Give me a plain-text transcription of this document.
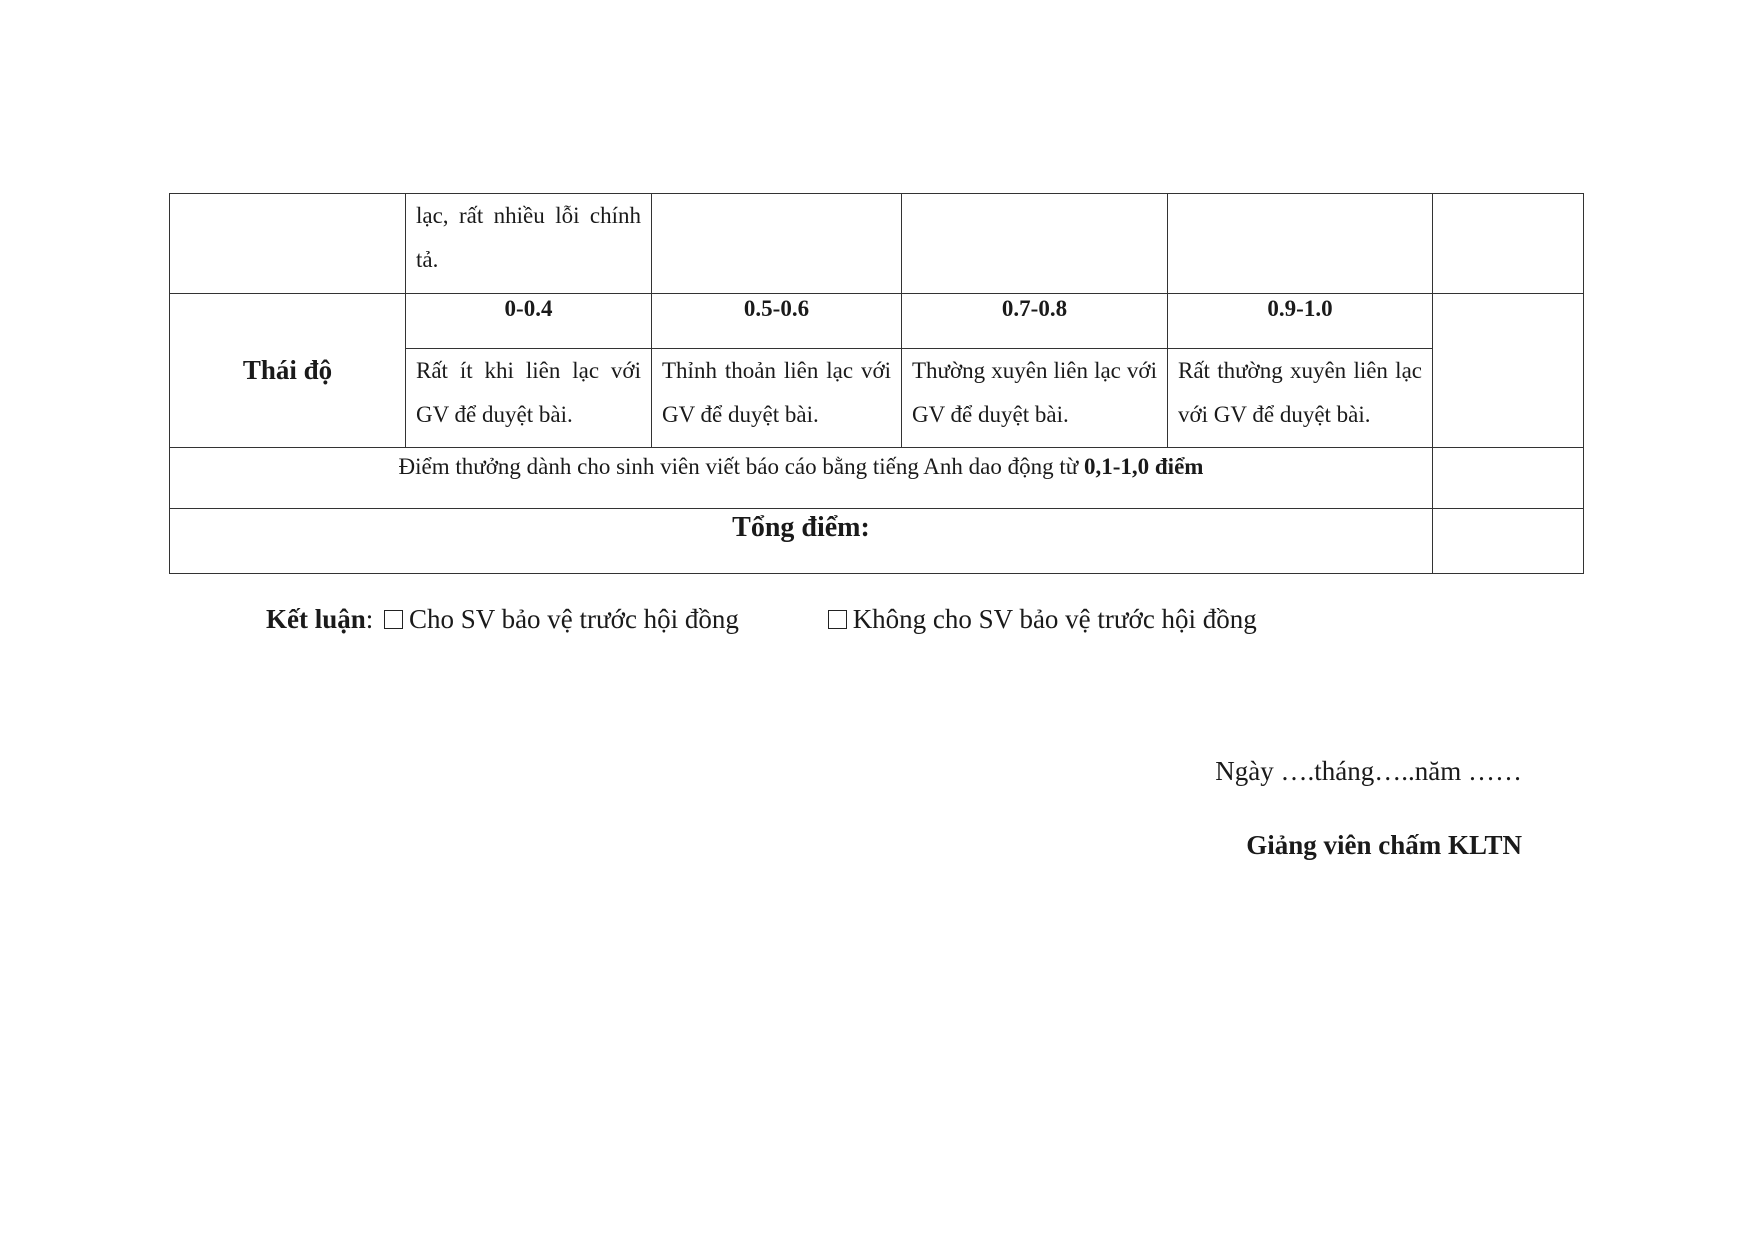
	lạc, rất nhiều lỗi chính tả.				
Thái độ	0-0.4	0.5-0.6	0.7-0.8	0.9-1.0	
	Rất ít khi liên lạc với GV để duyệt bài.	Thỉnh thoản liên lạc với GV để duyệt bài.	Thường xuyên liên lạc với GV để duyệt bài.	Rất thường xuyên liên lạc với GV để duyệt bài.	
Điểm thưởng dành cho sinh viên viết báo cáo bằng tiếng Anh dao động từ 0,1-1,0 điểm					
Tổng điểm:					
Kết luận: Cho SV bảo vệ trước hội đồng	Không cho SV bảo vệ trước hội đồng
Ngày ….tháng…..năm ……
Giảng viên chấm KLTN
